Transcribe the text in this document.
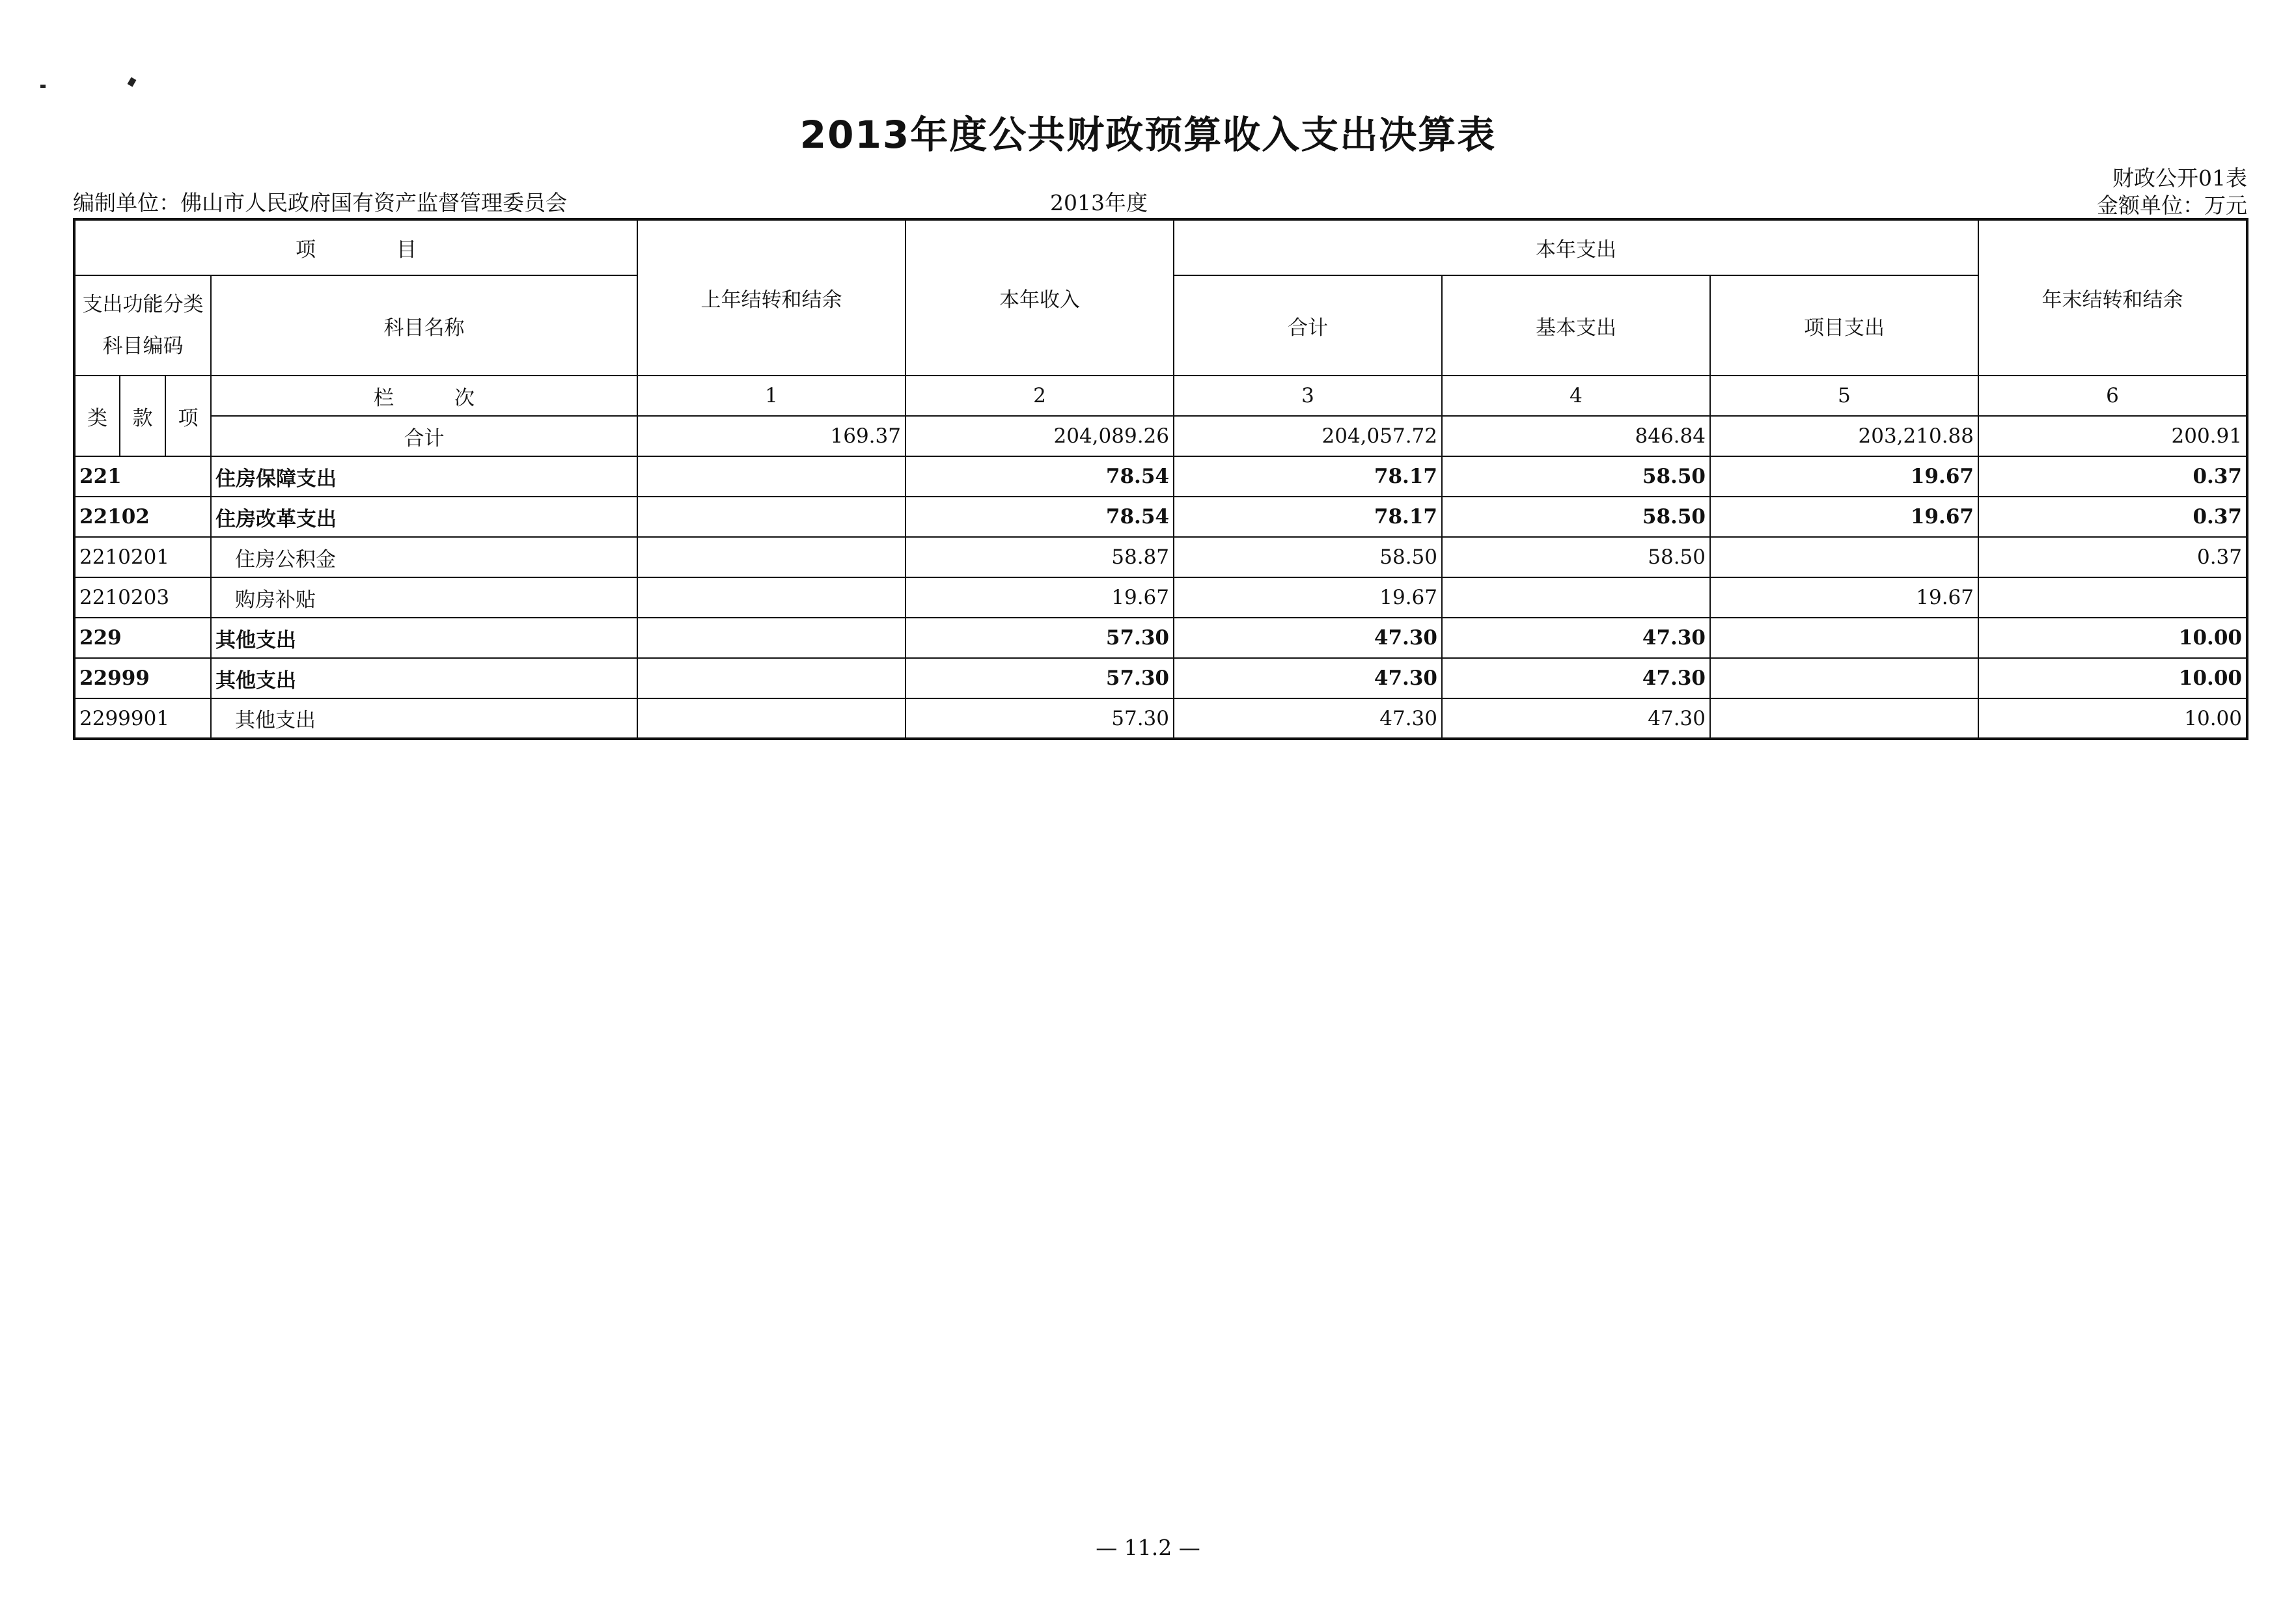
2013年度公共财政预算收入支出决算表
财政公开01表
编制单位：佛山市人民政府国有资产监督管理委员会	2013年度	金额单位：万元
项　　　　目				上年结转和结余	本年收入	本年支出			年末结转和结余
支出功能分类科目编码			科目名称			合计	基本支出	项目支出	
类	款	项	栏　　　次	1	2	3	4	5	6
			合计	169.37	204,089.26	204,057.72	846.84	203,210.88	200.91
221			住房保障支出		78.54	78.17	58.50	19.67	0.37
22102			住房改革支出		78.54	78.17	58.50	19.67	0.37
2210201			住房公积金		58.87	58.50	58.50		0.37
2210203			购房补贴		19.67	19.67		19.67	
229			其他支出		57.30	47.30	47.30		10.00
22999			其他支出		57.30	47.30	47.30		10.00
2299901			其他支出		57.30	47.30	47.30		10.00
— 11.2 —
